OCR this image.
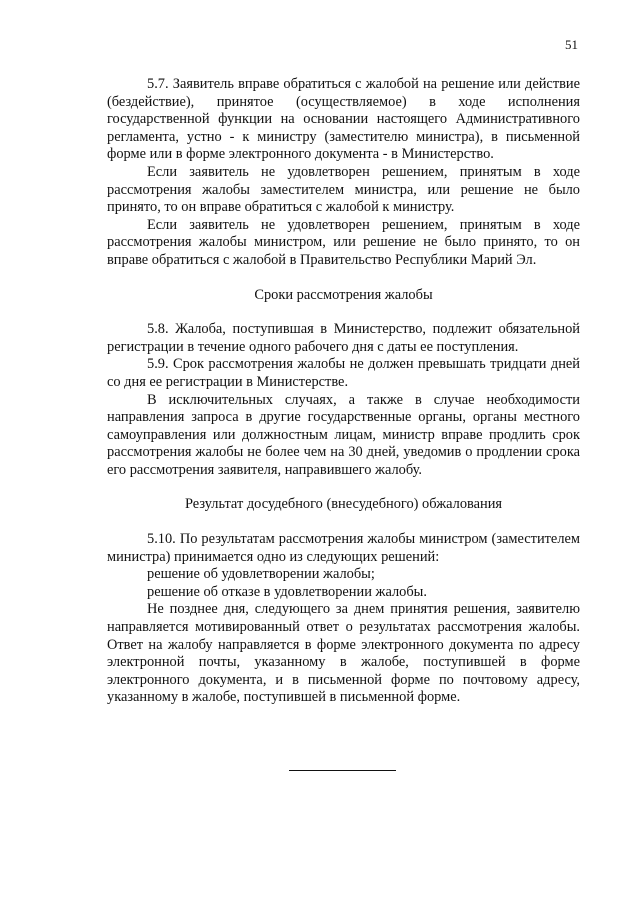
51

5.7. Заявитель вправе обратиться с жалобой на решение или действие (бездействие), принятое (осуществляемое) в ходе исполнения государственной функции на основании настоящего Административного регламента, устно - к министру (заместителю министра), в письменной форме или в форме электронного документа - в Министерство.

Если заявитель не удовлетворен решением, принятым в ходе рассмотрения жалобы заместителем министра, или решение не было принято, то он вправе обратиться с жалобой к министру.

Если заявитель не удовлетворен решением, принятым в ходе рассмотрения жалобы министром, или решение не было принято, то он вправе обратиться с жалобой в Правительство Республики Марий Эл.

Сроки рассмотрения жалобы

5.8. Жалоба, поступившая в Министерство, подлежит обязательной регистрации в течение одного рабочего дня с даты ее поступления.

5.9. Срок рассмотрения жалобы не должен превышать тридцати дней со дня ее регистрации в Министерстве.

В исключительных случаях, а также в случае необходимости направления запроса в другие государственные органы, органы местного самоуправления или должностным лицам, министр вправе продлить срок рассмотрения жалобы не более чем на 30 дней, уведомив о продлении срока его рассмотрения заявителя, направившего жалобу.

Результат досудебного (внесудебного) обжалования

5.10. По результатам рассмотрения жалобы министром (заместителем министра) принимается одно из следующих решений:

решение об удовлетворении жалобы;

решение об отказе в удовлетворении жалобы.

Не позднее дня, следующего за днем принятия решения, заявителю направляется мотивированный ответ о результатах рассмотрения жалобы. Ответ на жалобу направляется в форме электронного документа по адресу электронной почты, указанному в жалобе, поступившей в форме электронного документа, и в письменной форме по почтовому адресу, указанному в жалобе, поступившей в письменной форме.
